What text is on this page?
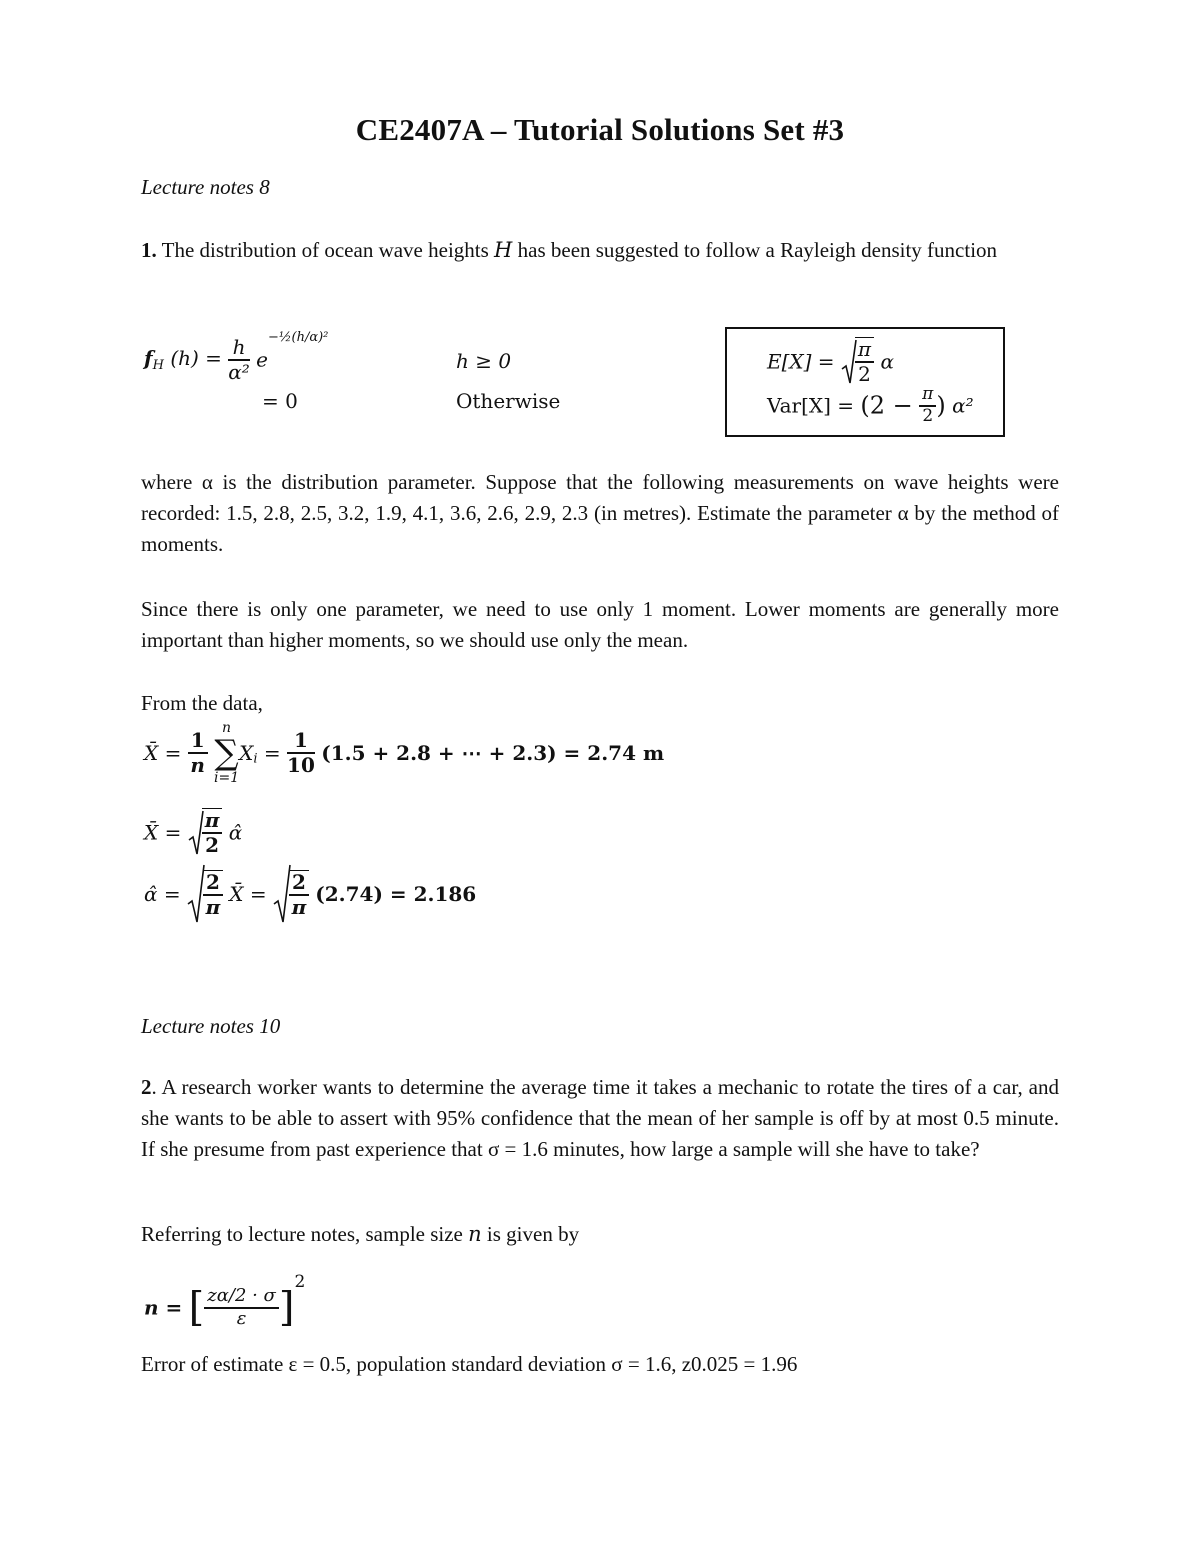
CE2407A – Tutorial Solutions Set #3
Lecture notes 8
1. The distribution of ocean wave heights H has been suggested to follow a Rayleigh density function
$f_H$ $(h) = \frac{h}{\text{α²}} e^{-\frac{1}{2}(h/\alpha)^2}$
h ≥ 0
= 0	Otherwise
$E[X] = \frac{\pi}{2}$ α
$Var[X] = (2 - \frac{\pi}{2}$ ) α²
where α is the distribution parameter. Suppose that the following measurements on wave heights were recorded: 1.5, 2.8, 2.5, 3.2, 1.9, 4.1, 3.6, 2.6, 2.9, 2.3 (in metres). Estimate the parameter α by the method of moments.
Since there is only one parameter, we need to use only 1 moment. Lower moments are generally more important than higher moments, so we should use only the mean.
From the data,
X̄ = $\frac{1}{n}$

n
∑
i=1
$X_i = \frac{1}{10} (1.5 + 2.8$ + ⋯ + 2.3) = 2.74 m
X̄ = $\frac{\pi}{2}$ α̂
α̂ = $\frac{2}{\pi}$ X̄ = $\frac{2}{\pi} (2.74) = 2.186$
Lecture notes 10
2. A research worker wants to determine the average time it takes a mechanic to rotate the tires of a car, and she wants to be able to assert with 95% confidence that the mean of her sample is off by at most 0.5 minute. If she presume from past experience that σ = 1.6 minutes, how large a sample will she have to take?
Referring to lecture notes, sample size n is given by
n = [ $\frac{z\alpha/2 \cdot \sigma}{\varepsilon} ]^2$
Error of estimate ε = 0.5, population standard deviation σ = 1.6, z0.025 = 1.96
